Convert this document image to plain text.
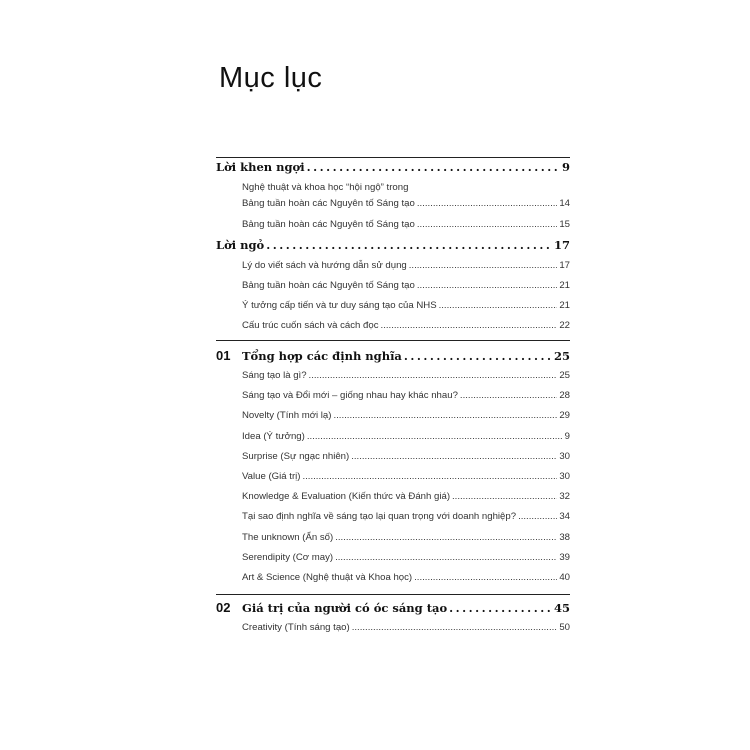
Mục lục
Lời khen ngợi .....	9
Nghệ thuật và khoa học “hội ngộ” trong
Bảng tuần hoàn các Nguyên tố Sáng tạo .....	14
Bảng tuần hoàn các Nguyên tố Sáng tạo .....	15
Lời ngỏ .....	17
Lý do viết sách và hướng dẫn sử dụng .....	17
Bảng tuần hoàn các Nguyên tố Sáng tạo .....	21
Ý tưởng cấp tiến và tư duy sáng tạo của NHS .....	21
Cấu trúc cuốn sách và cách đọc .....	22
01	Tổng hợp các định nghĩa .....	25
Sáng tạo là gì? .....	25
Sáng tạo và Đổi mới – giống nhau hay khác nhau? .....	28
Novelty (Tính mới lạ) .....	29
Idea (Ý tưởng) .....	9
Surprise (Sự ngạc nhiên) .....	30
Value (Giá trị) .....	30
Knowledge & Evaluation (Kiến thức và Đánh giá) .....	32
Tại sao định nghĩa về sáng tạo lại quan trọng với doanh nghiệp? .....	34
The unknown (Ẩn số) .....	38
Serendipity (Cơ may) .....	39
Art & Science (Nghệ thuật và Khoa học) .....	40
02	Giá trị của người có óc sáng tạo .....	45
Creativity (Tính sáng tạo) .....	50
